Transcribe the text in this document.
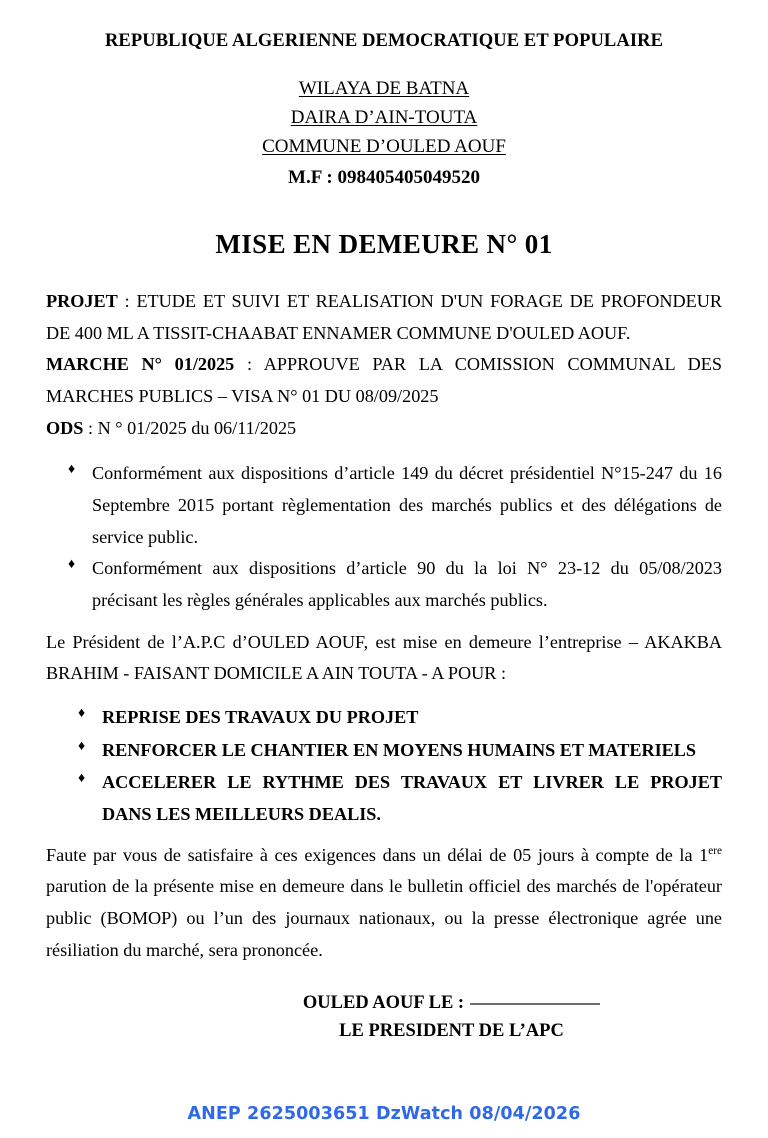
REPUBLIQUE ALGERIENNE DEMOCRATIQUE ET POPULAIRE
WILAYA DE BATNA
DAIRA D’AIN-TOUTA
COMMUNE D’OULED AOUF
M.F : 098405405049520
MISE EN DEMEURE N° 01

PROJET : ETUDE ET SUIVI ET REALISATION D'UN FORAGE DE PROFONDEUR DE 400 ML A TISSIT-CHAABAT ENNAMER COMMUNE D'OULED AOUF.

MARCHE N° 01/2025 : APPROUVE PAR LA COMISSION COMMUNAL DES MARCHES PUBLICS – VISA N° 01 DU 08/09/2025

ODS : N ° 01/2025 du 06/11/2025

♦ Conformément aux dispositions d’article 149 du décret présidentiel N°15-247 du 16 Septembre 2015 portant règlementation des marchés publics et des délégations de service public.
♦ Conformément aux dispositions d’article 90 du la loi N° 23-12 du 05/08/2023 précisant les règles générales applicables aux marchés publics.

Le Président de l’A.P.C d’OULED AOUF, est mise en demeure l’entreprise – AKAKBA BRAHIM - FAISANT DOMICILE A AIN TOUTA - A POUR :

♦ REPRISE DES TRAVAUX DU PROJET
♦ RENFORCER LE CHANTIER EN MOYENS HUMAINS ET MATERIELS
♦ ACCELERER LE RYTHME DES TRAVAUX ET LIVRER LE PROJET DANS LES MEILLEURS DEALIS.

Faute par vous de satisfaire à ces exigences dans un délai de 05 jours à compte de la 1ere parution de la présente mise en demeure dans le bulletin officiel des marchés de l'opérateur public (BOMOP) ou l’un des journaux nationaux, ou la presse électronique agrée une résiliation du marché, sera prononcée.

OULED AOUF LE :
LE PRESIDENT DE L’APC
ANEP 2625003651 DzWatch 08/04/2026
